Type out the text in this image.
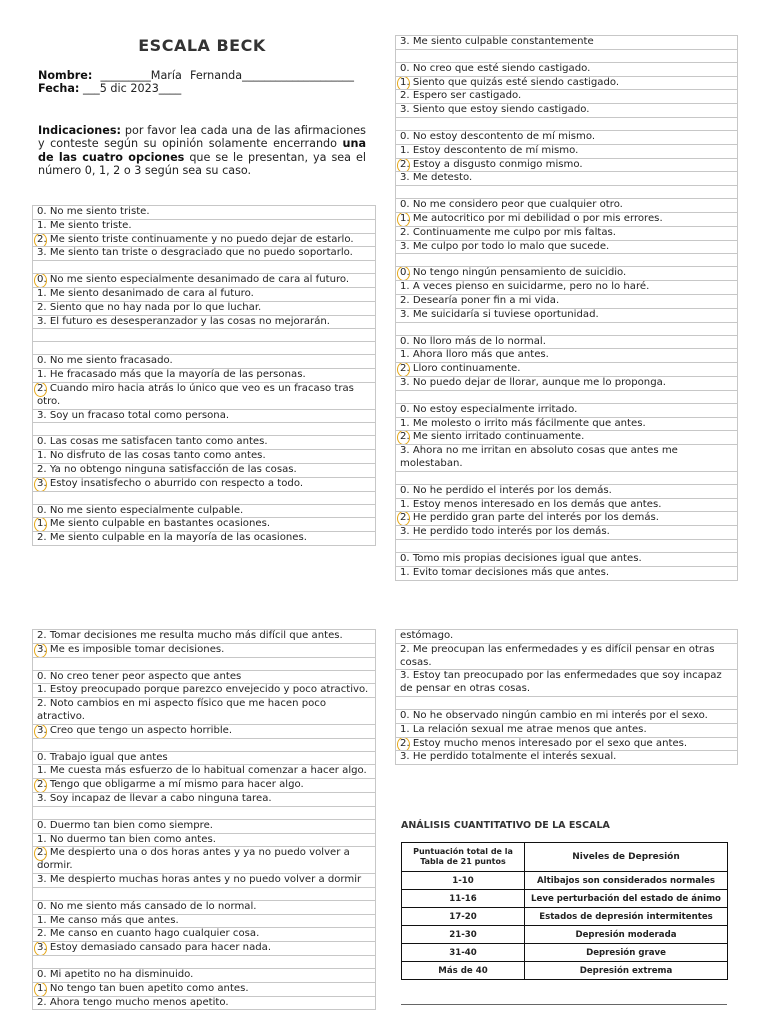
ESCALA BECK
Nombre: _________María Fernanda____________________ Fecha: ___5 dic 2023____
Indicaciones: por favor lea cada una de las afirmaciones y conteste según su opinión solamente encerrando una de las cuatro opciones que se le presentan, ya sea el número 0, 1, 2 o 3 según sea su caso.
0. No me siento triste.
1. Me siento triste.
2. Me siento triste continuamente y no puedo dejar de estarlo.
3. Me siento tan triste o desgraciado que no puedo soportarlo.
0. No me siento especialmente desanimado de cara al futuro.
1. Me siento desanimado de cara al futuro.
2. Siento que no hay nada por lo que luchar.
3. El futuro es desesperanzador y las cosas no mejorarán.
0. No me siento fracasado.
1. He fracasado más que la mayoría de las personas.
2. Cuando miro hacia atrás lo único que veo es un fracaso tras otro.
3. Soy un fracaso total como persona.
0. Las cosas me satisfacen tanto como antes.
1. No disfruto de las cosas tanto como antes.
2. Ya no obtengo ninguna satisfacción de las cosas.
3. Estoy insatisfecho o aburrido con respecto a todo.
0. No me siento especialmente culpable.
1. Me siento culpable en bastantes ocasiones.
2. Me siento culpable en la mayoría de las ocasiones.
3. Me siento culpable constantemente
0. No creo que esté siendo castigado.
1. Siento que quizás esté siendo castigado.
2. Espero ser castigado.
3. Siento que estoy siendo castigado.
0. No estoy descontento de mí mismo.
1. Estoy descontento de mí mismo.
2. Estoy a disgusto conmigo mismo.
3. Me detesto.
0. No me considero peor que cualquier otro.
1. Me autocritico por mi debilidad o por mis errores.
2. Continuamente me culpo por mis faltas.
3. Me culpo por todo lo malo que sucede.
0. No tengo ningún pensamiento de suicidio.
1. A veces pienso en suicidarme, pero no lo haré.
2. Desearía poner fin a mi vida.
3. Me suicidaría si tuviese oportunidad.
0. No lloro más de lo normal.
1. Ahora lloro más que antes.
2. Lloro continuamente.
3. No puedo dejar de llorar, aunque me lo proponga.
0. No estoy especialmente irritado.
1. Me molesto o irrito más fácilmente que antes.
2. Me siento irritado continuamente.
3. Ahora no me irritan en absoluto cosas que antes me molestaban.
0. No he perdido el interés por los demás.
1. Estoy menos interesado en los demás que antes.
2. He perdido gran parte del interés por los demás.
3. He perdido todo interés por los demás.
0. Tomo mis propias decisiones igual que antes.
1. Evito tomar decisiones más que antes.
2. Tomar decisiones me resulta mucho más difícil que antes.
3. Me es imposible tomar decisiones.
0. No creo tener peor aspecto que antes
1. Estoy preocupado porque parezco envejecido y poco atractivo.
2. Noto cambios en mi aspecto físico que me hacen poco atractivo.
3. Creo que tengo un aspecto horrible.
0. Trabajo igual que antes
1. Me cuesta más esfuerzo de lo habitual comenzar a hacer algo.
2. Tengo que obligarme a mí mismo para hacer algo.
3. Soy incapaz de llevar a cabo ninguna tarea.
0. Duermo tan bien como siempre.
1. No duermo tan bien como antes.
2. Me despierto una o dos horas antes y ya no puedo volver a dormir.
3. Me despierto muchas horas antes y no puedo volver a dormir
0. No me siento más cansado de lo normal.
1. Me canso más que antes.
2. Me canso en cuanto hago cualquier cosa.
3. Estoy demasiado cansado para hacer nada.
0. Mi apetito no ha disminuido.
1. No tengo tan buen apetito como antes.
2. Ahora tengo mucho menos apetito.
estómago.
2. Me preocupan las enfermedades y es difícil pensar en otras cosas.
3. Estoy tan preocupado por las enfermedades que soy incapaz de pensar en otras cosas.
0. No he observado ningún cambio en mi interés por el sexo.
1. La relación sexual me atrae menos que antes.
2. Estoy mucho menos interesado por el sexo que antes.
3. He perdido totalmente el interés sexual.
ANÁLISIS CUANTITATIVO DE LA ESCALA
Puntuación total de la Tabla de 21 puntos	Niveles de Depresión
1-10	Altibajos son considerados normales
11-16	Leve perturbación del estado de ánimo
17-20	Estados de depresión intermitentes
21-30	Depresión moderada
31-40	Depresión grave
Más de 40	Depresión extrema
